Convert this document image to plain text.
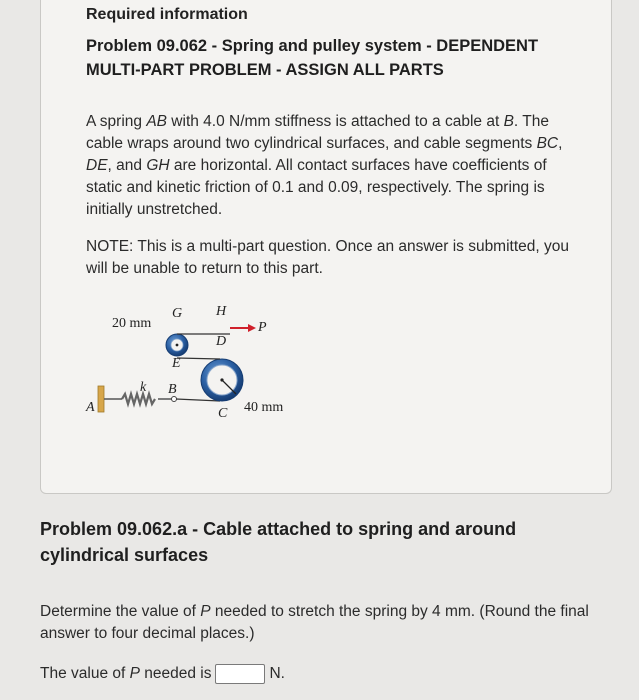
Required information
Problem 09.062 - Spring and pulley system - DEPENDENT MULTI-PART PROBLEM - ASSIGN ALL PARTS
A spring AB with 4.0 N/mm stiffness is attached to a cable at B. The cable wraps around two cylindrical surfaces, and cable segments BC, DE, and GH are horizontal. All contact surfaces have coefficients of static and kinetic friction of 0.1 and 0.09, respectively. The spring is initially unstretched.
NOTE: This is a multi-part question. Once an answer is submitted, you will be unable to return to this part.
20 mm
G H
P
D
E
k B
A	C 40 mm
Problem 09.062.a - Cable attached to spring and around cylindrical surfaces
Determine the value of P needed to stretch the spring by 4 mm. (Round the final answer to four decimal places.)
The value of P needed is	N.
